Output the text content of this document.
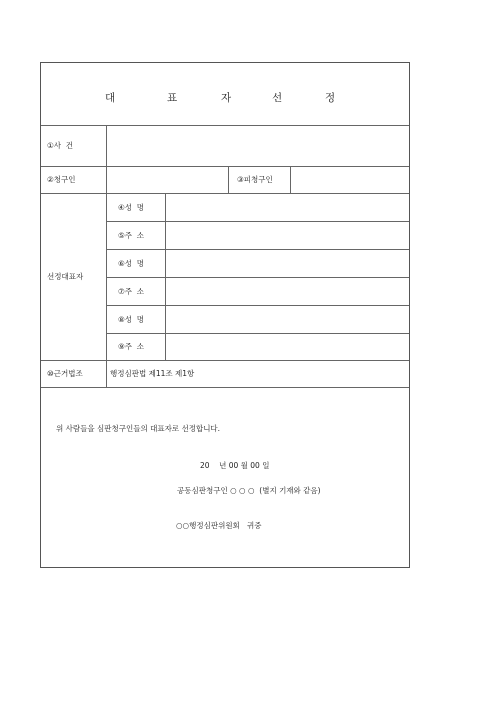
대	표	자	선	정
①사  건
②청구인	③피청구인
선정대표자
④성  명
⑤주  소
⑥성  명
⑦주  소
⑧성  명
⑨주  소
⑩근거법조	행정심판법 제11조 제1항
위 사람들을 심판청구인들의 대표자로 선정합니다.
20    년 00 월 00 일
공동심판청구인 ○ ○ ○  (별지 기재와 같음)
○○행정심판위원회   귀중
